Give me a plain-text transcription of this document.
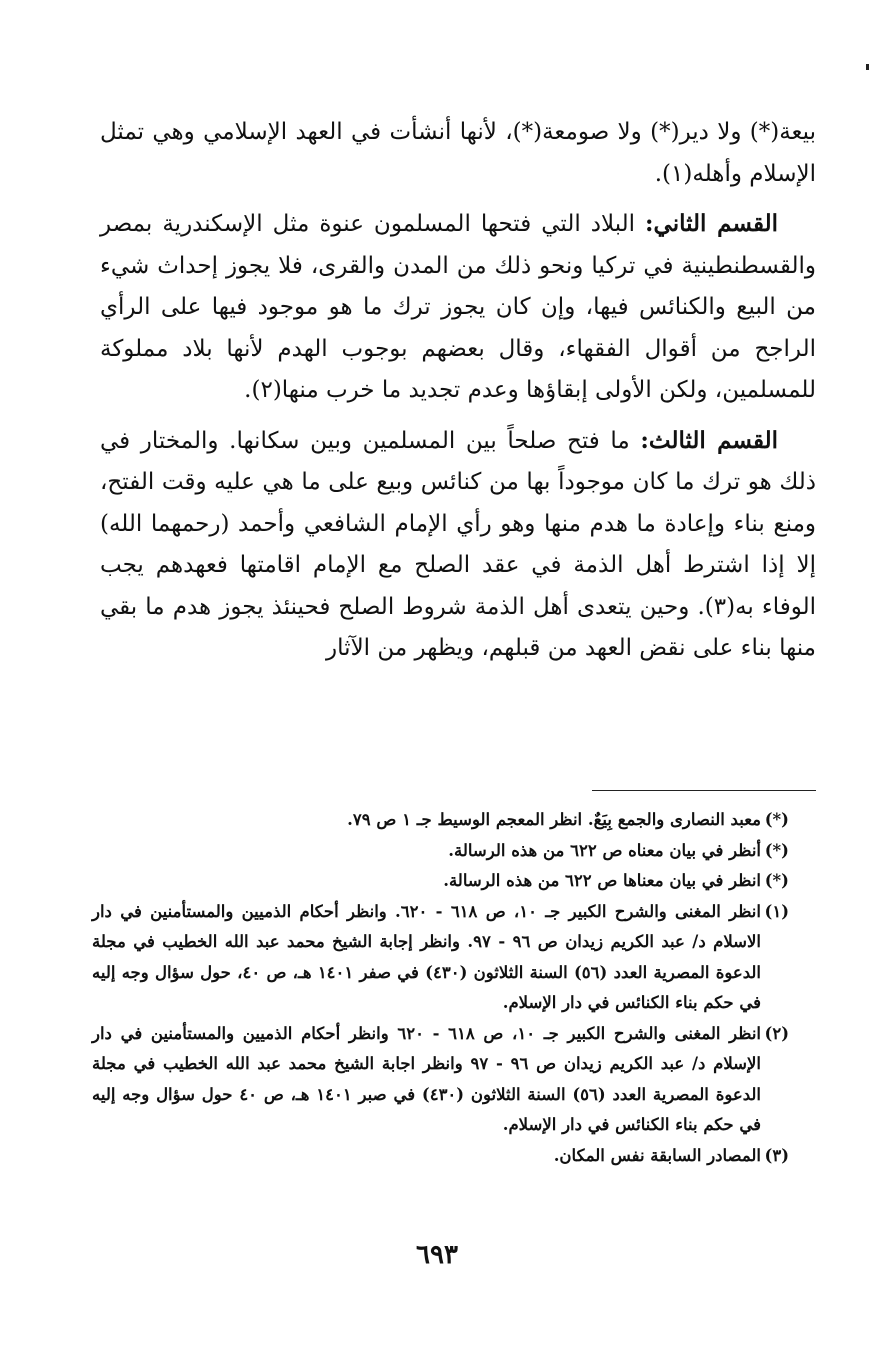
بيعة(*) ولا دير(*) ولا صومعة(*)، لأنها أنشأت في العهد الإسلامي وهي تمثل الإسلام وأهله(١).

القسم الثاني: البلاد التي فتحها المسلمون عنوة مثل الإسكندرية بمصر والقسطنطينية في تركيا ونحو ذلك من المدن والقرى، فلا يجوز إحداث شيء من البيع والكنائس فيها، وإن كان يجوز ترك ما هو موجود فيها على الرأي الراجح من أقوال الفقهاء، وقال بعضهم بوجوب الهدم لأنها بلاد مملوكة للمسلمين، ولكن الأولى إبقاؤها وعدم تجديد ما خرب منها(٢).

القسم الثالث: ما فتح صلحاً بين المسلمين وبين سكانها. والمختار في ذلك هو ترك ما كان موجوداً بها من كنائس وبيع على ما هي عليه وقت الفتح، ومنع بناء وإعادة ما هدم منها وهو رأي الإمام الشافعي وأحمد (رحمهما الله) إلا إذا اشترط أهل الذمة في عقد الصلح مع الإمام اقامتها فعهدهم يجب الوفاء به(٣). وحين يتعدى أهل الذمة شروط الصلح فحينئذ يجوز هدم ما بقي منها بناء على نقض العهد من قبلهم، ويظهر من الآثار

(*)
معبد النصارى والجمع بِيَعٌ. انظر المعجم الوسيط جـ ١ ص ٧٩.

(*)
أنظر في بيان معناه ص ٦٢٢ من هذه الرسالة.

(*)
انظر في بيان معناها ص ٦٢٢ من هذه الرسالة.

(١)
انظر المغنى والشرح الكبير جـ ١٠، ص ٦١٨ - ٦٢٠. وانظر أحكام الذميين والمستأمنين في دار الاسلام د/ عبد الكريم زيدان ص ٩٦ - ٩٧. وانظر إجابة الشيخ محمد عبد الله الخطيب في مجلة الدعوة المصرية العدد (٥٦) السنة الثلاثون (٤٣٠) في صفر ١٤٠١ هـ، ص ٤٠، حول سؤال وجه إليه في حكم بناء الكنائس في دار الإسلام.

(٢)
انظر المغنى والشرح الكبير جـ ١٠، ص ٦١٨ - ٦٢٠ وانظر أحكام الذميين والمستأمنين في دار الإسلام د/ عبد الكريم زيدان ص ٩٦ - ٩٧ وانظر اجابة الشيخ محمد عبد الله الخطيب في مجلة الدعوة المصرية العدد (٥٦) السنة الثلاثون (٤٣٠) في صبر ١٤٠١ هـ، ص ٤٠ حول سؤال وجه إليه في حكم بناء الكنائس في دار الإسلام.

(٣)
المصادر السابقة نفس المكان.

٦٩٣
